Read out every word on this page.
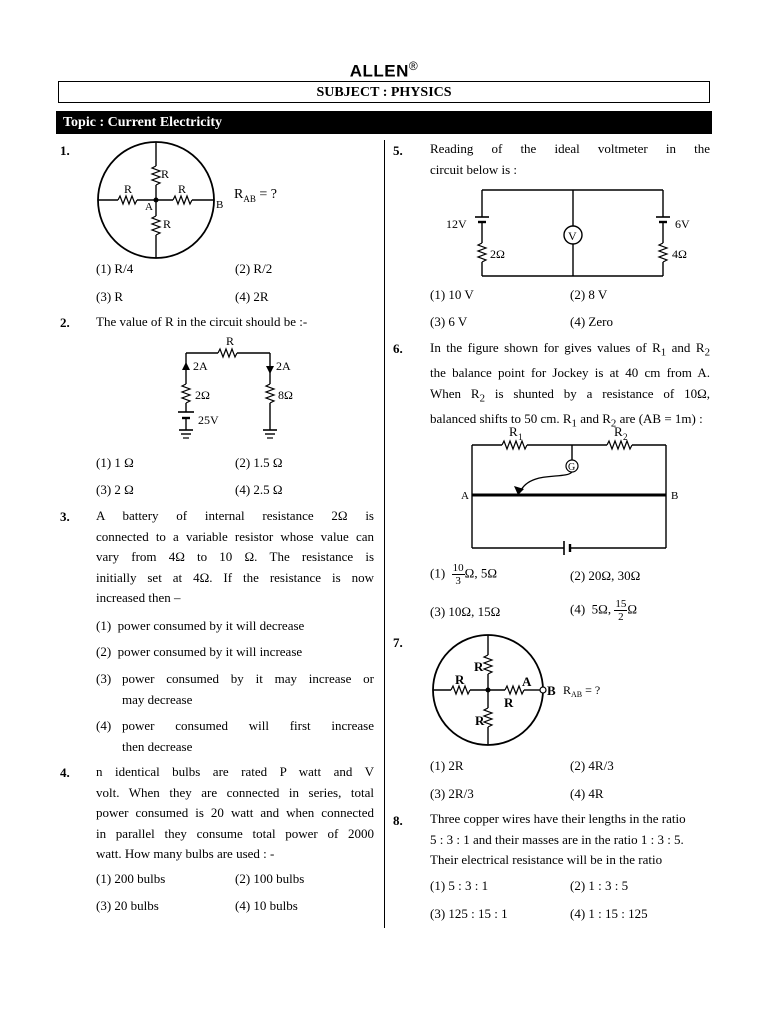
ALLEN®
SUBJECT : PHYSICS
Topic : Current Electricity
1.
R
R	R
R
A	B
$R_{AB}$ = ?
(1) R/4	(2) R/2
(3) R	(4) 2R
2. The value of R in the circuit should be :-
R
2A
2Ω
25V
2A
8Ω
(1) 1 Ω	(2) 1.5 Ω
(3) 2 Ω	(4) 2.5 Ω
3. A battery of internal resistance 2Ω is
connected to a variable resistor whose value can
vary from 4Ω to 10 Ω. The resistance is
initially set at 4Ω. If the resistance is now
increased then –
(1) power consumed by it will decrease
(2) power consumed by it will increase
(3) power consumed by it may increase or
may decrease
(4) power consumed will first increase
then decrease
4. n identical bulbs are rated P watt and V
volt. When they are connected in series, total
power consumed is 20 watt and when connected
in parallel they consume total power of 2000
watt. How many bulbs are used : -
(1) 200 bulbs	(2) 100 bulbs
(3) 20 bulbs	(4) 10 bulbs
5. Reading of the ideal voltmeter in the
circuit below is :
12V
2Ω
V
6V
4Ω
(1) 10 V	(2) 8 V
(3) 6 V	(4) Zero
6. In the figure shown for gives values of $R_1$ and $R_2$
the balance point for Jockey is at 40 cm from A.
When $R_2$ is shunted by a resistance of 10Ω,
balanced shifts to 50 cm. $R_1$ and $R_2$ are (AB = 1m) :
R 1	R 2
G
A	B
$(1) \frac{10}{3} \Omega$, 5Ω	(2) 20Ω, 30Ω
(3) 10Ω, 15Ω	(4) 5Ω, $\frac{15}{2}$ Ω
7.
R
R
R
R
A
B $R_{AB}$ = ?
(1) 2R	(2) 4R/3
(3) 2R/3	(4) 4R
8. Three copper wires have their lengths in the ratio
5 : 3 : 1 and their masses are in the ratio 1 : 3 : 5.
Their electrical resistance will be in the ratio
(1) 5 : 3 : 1	(2) 1 : 3 : 5
(3) 125 : 15 : 1	(4) 1 : 15 : 125
